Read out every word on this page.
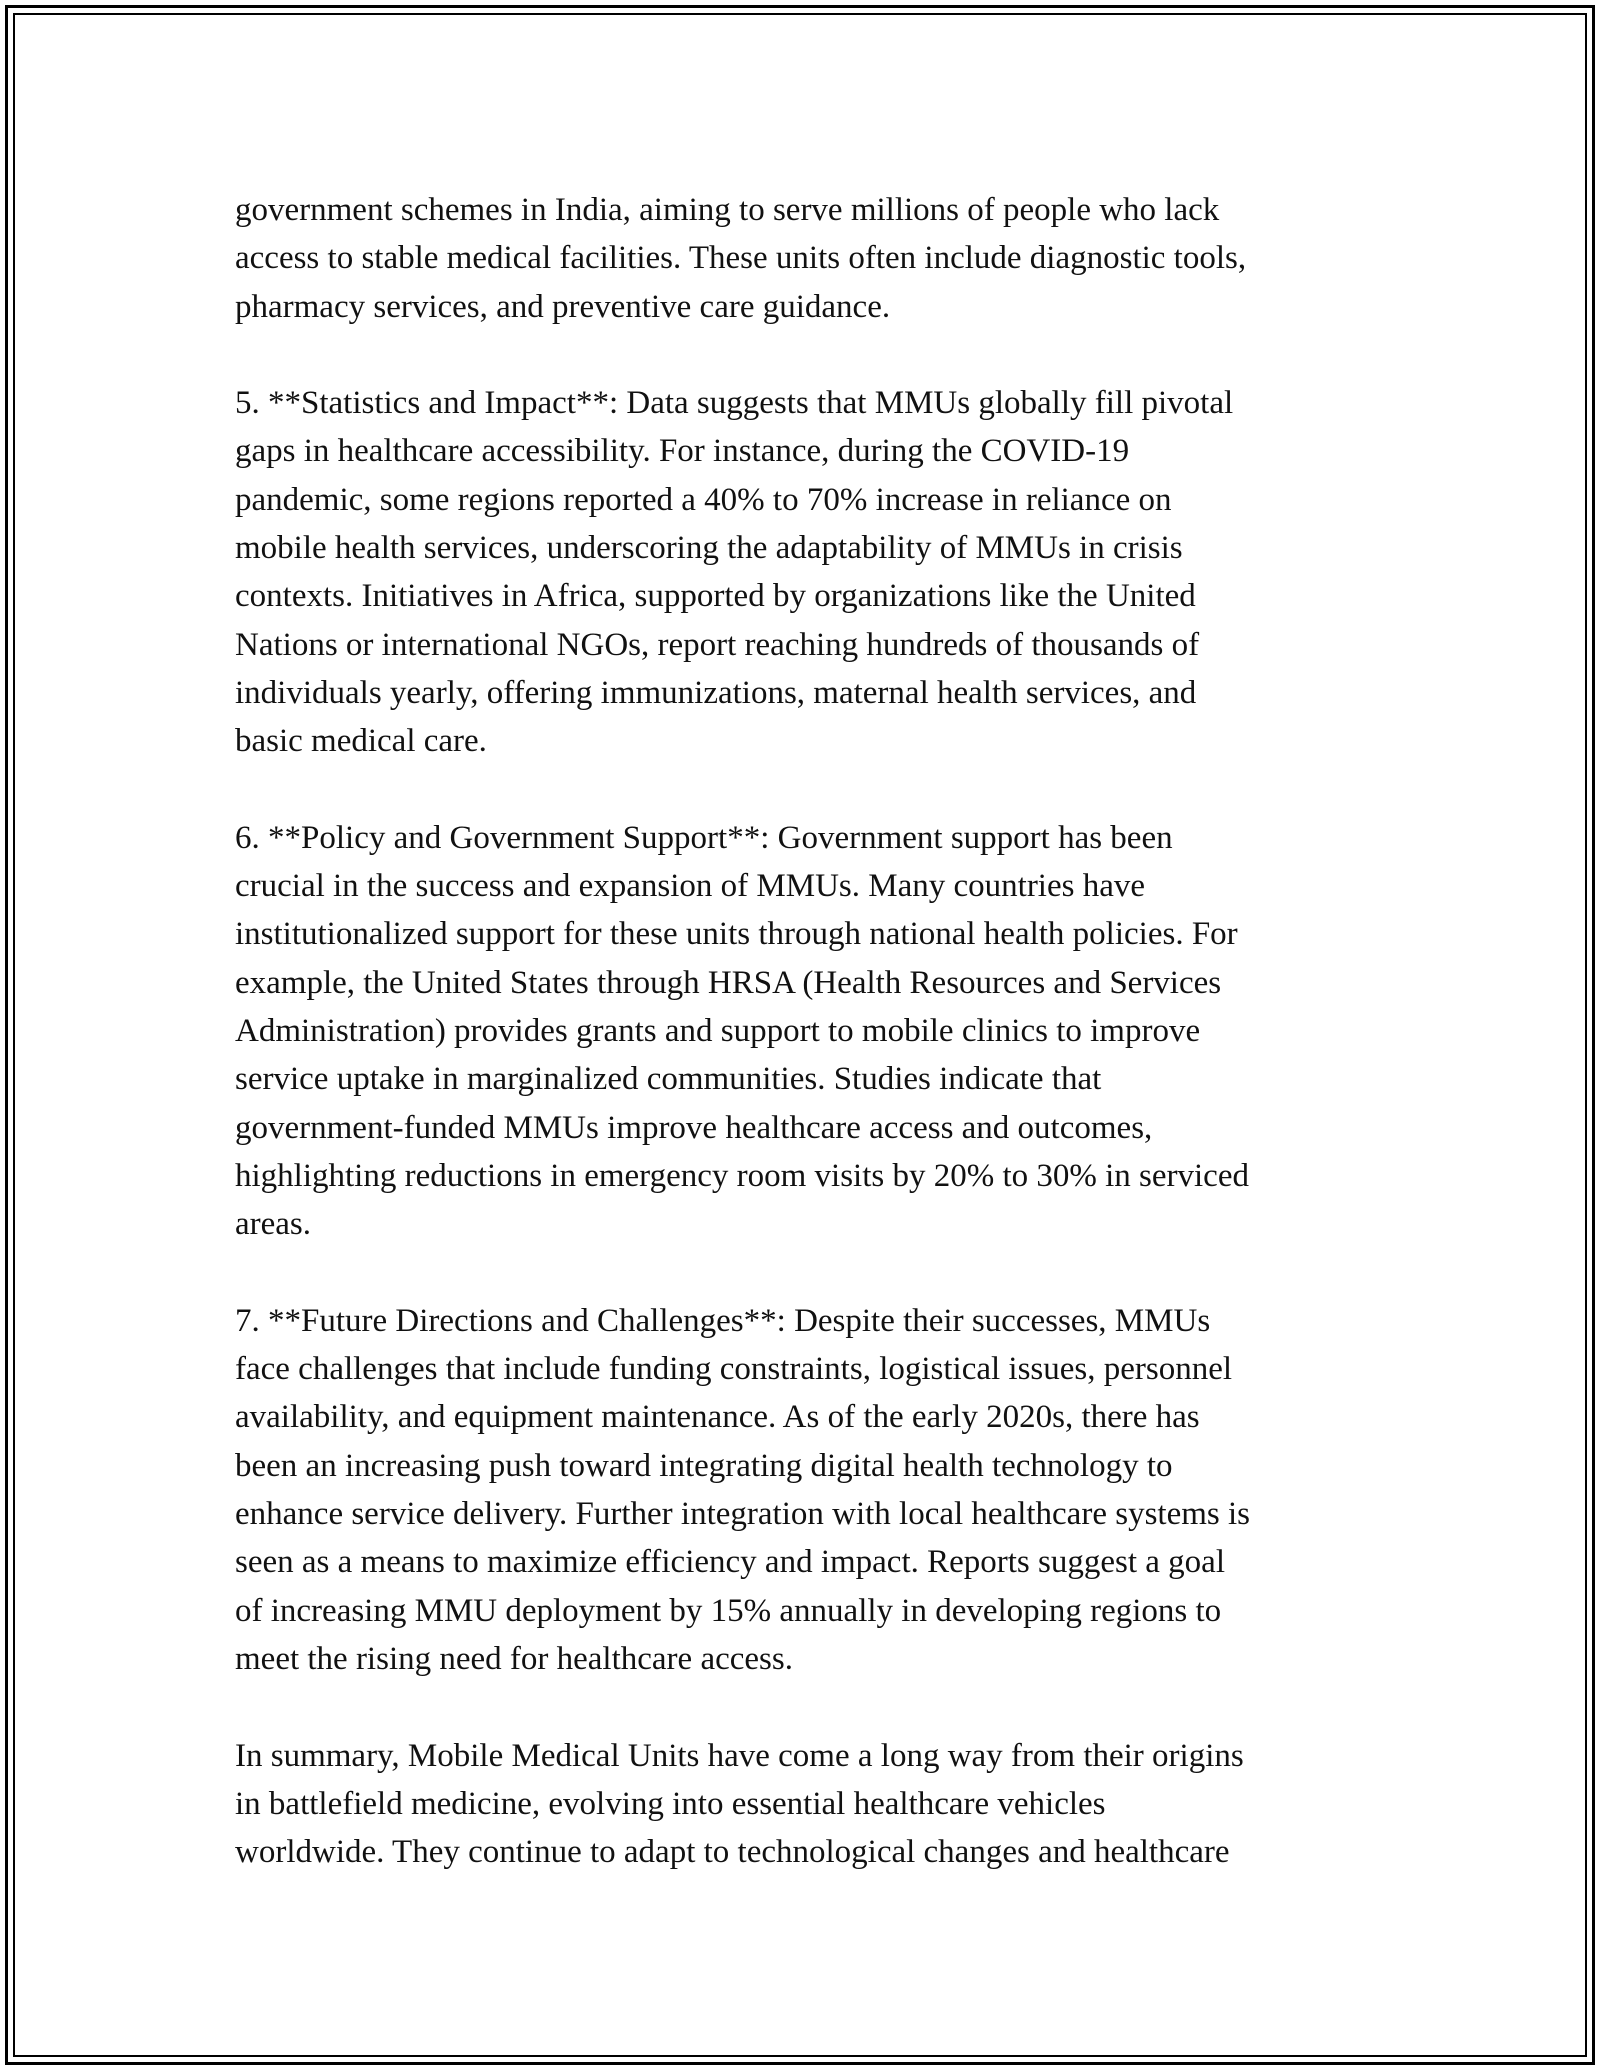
government schemes in India, aiming to serve millions of people who lack
access to stable medical facilities. These units often include diagnostic tools,
pharmacy services, and preventive care guidance.

5. **Statistics and Impact**: Data suggests that MMUs globally fill pivotal
gaps in healthcare accessibility. For instance, during the COVID-19
pandemic, some regions reported a 40% to 70% increase in reliance on
mobile health services, underscoring the adaptability of MMUs in crisis
contexts. Initiatives in Africa, supported by organizations like the United
Nations or international NGOs, report reaching hundreds of thousands of
individuals yearly, offering immunizations, maternal health services, and
basic medical care.

6. **Policy and Government Support**: Government support has been
crucial in the success and expansion of MMUs. Many countries have
institutionalized support for these units through national health policies. For
example, the United States through HRSA (Health Resources and Services
Administration) provides grants and support to mobile clinics to improve
service uptake in marginalized communities. Studies indicate that
government-funded MMUs improve healthcare access and outcomes,
highlighting reductions in emergency room visits by 20% to 30% in serviced
areas.

7. **Future Directions and Challenges**: Despite their successes, MMUs
face challenges that include funding constraints, logistical issues, personnel
availability, and equipment maintenance. As of the early 2020s, there has
been an increasing push toward integrating digital health technology to
enhance service delivery. Further integration with local healthcare systems is
seen as a means to maximize efficiency and impact. Reports suggest a goal
of increasing MMU deployment by 15% annually in developing regions to
meet the rising need for healthcare access.

In summary, Mobile Medical Units have come a long way from their origins
in battlefield medicine, evolving into essential healthcare vehicles
worldwide. They continue to adapt to technological changes and healthcare
